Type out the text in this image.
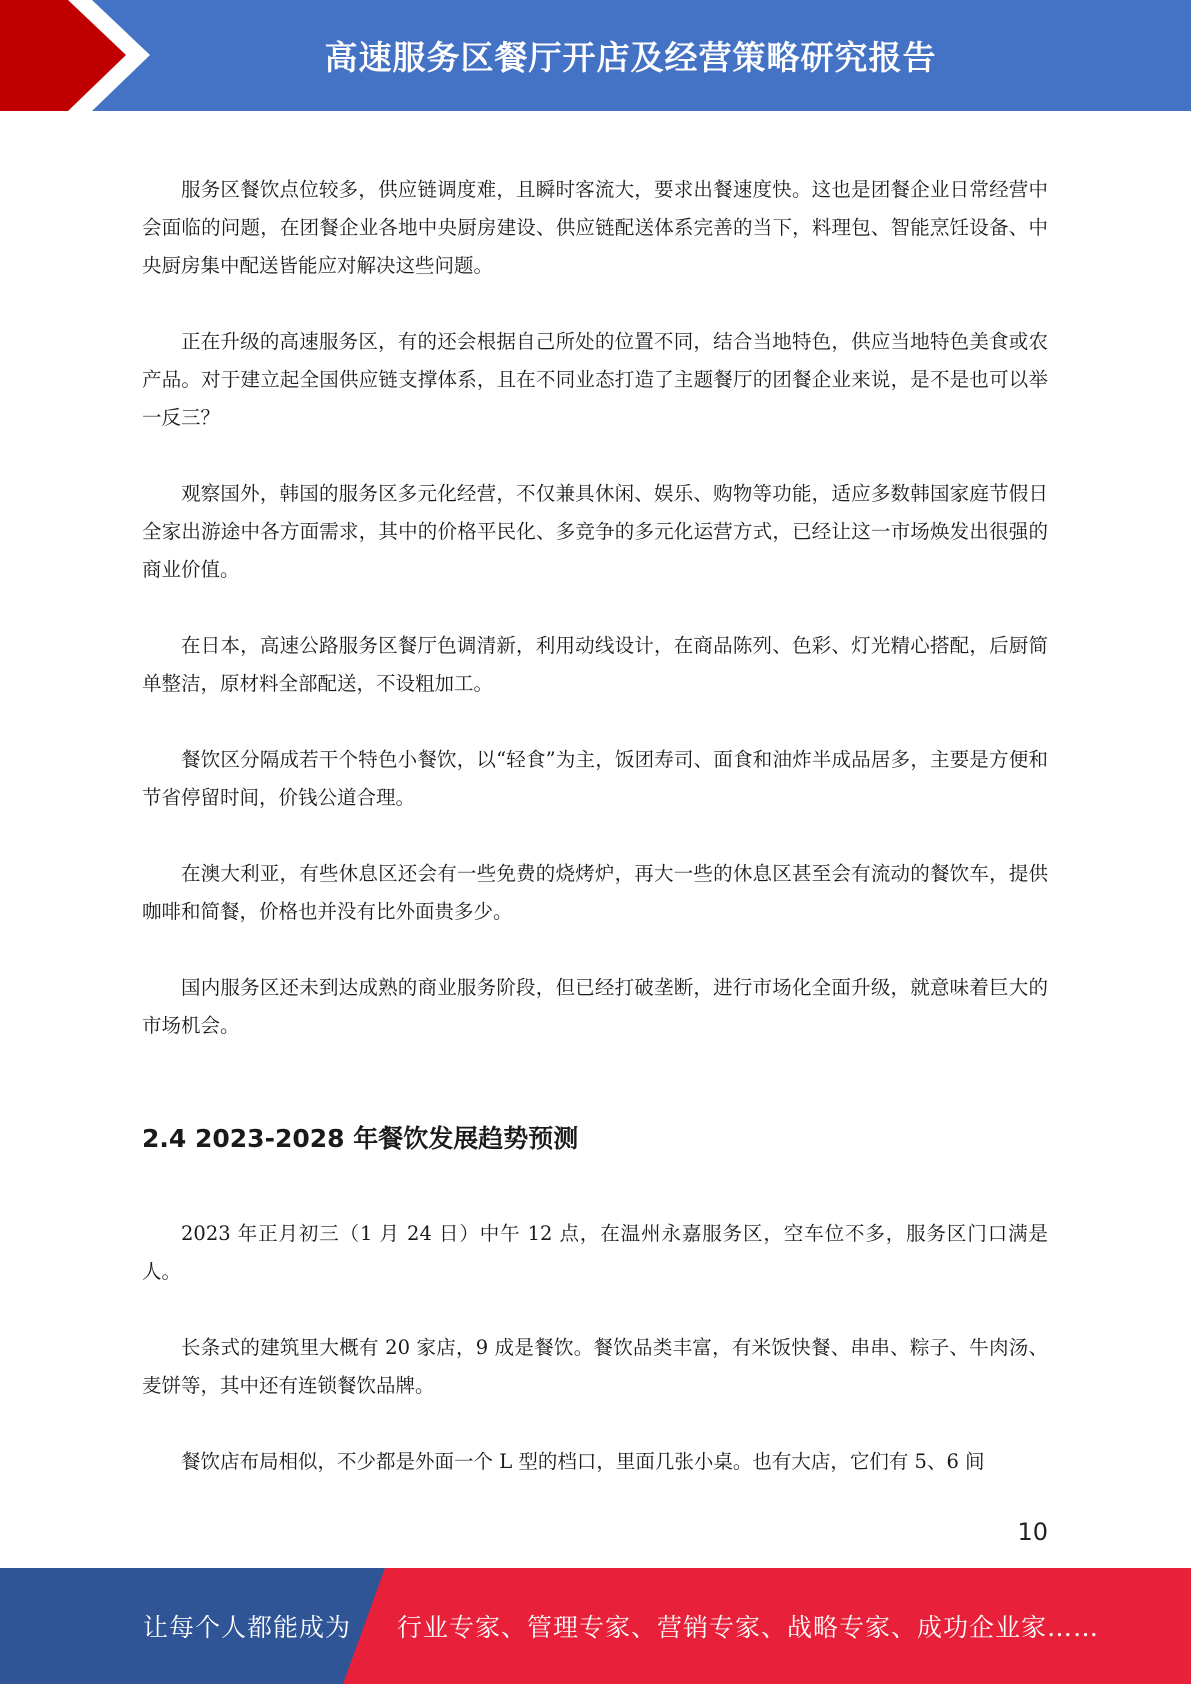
高速服务区餐厅开店及经营策略研究报告

服务区餐饮点位较多，供应链调度难，且瞬时客流大，要求出餐速度快。这也是团餐企业日常经营中会面临的问题，在团餐企业各地中央厨房建设、供应链配送体系完善的当下，料理包、智能烹饪设备、中央厨房集中配送皆能应对解决这些问题。

正在升级的高速服务区，有的还会根据自己所处的位置不同，结合当地特色，供应当地特色美食或农产品。对于建立起全国供应链支撑体系，且在不同业态打造了主题餐厅的团餐企业来说，是不是也可以举一反三？

观察国外，韩国的服务区多元化经营，不仅兼具休闲、娱乐、购物等功能，适应多数韩国家庭节假日全家出游途中各方面需求，其中的价格平民化、多竞争的多元化运营方式，已经让这一市场焕发出很强的商业价值。

在日本，高速公路服务区餐厅色调清新，利用动线设计，在商品陈列、色彩、灯光精心搭配，后厨简单整洁，原材料全部配送，不设粗加工。

餐饮区分隔成若干个特色小餐饮，以“轻食”为主，饭团寿司、面食和油炸半成品居多，主要是方便和节省停留时间，价钱公道合理。

在澳大利亚，有些休息区还会有一些免费的烧烤炉，再大一些的休息区甚至会有流动的餐饮车，提供咖啡和简餐，价格也并没有比外面贵多少。

国内服务区还未到达成熟的商业服务阶段，但已经打破垄断，进行市场化全面升级，就意味着巨大的市场机会。

2.4 2023-2028 年餐饮发展趋势预测

2023 年正月初三（1 月 24 日）中午 12 点，在温州永嘉服务区，空车位不多，服务区门口满是人。

长条式的建筑里大概有 20 家店，9 成是餐饮。餐饮品类丰富，有米饭快餐、串串、粽子、牛肉汤、麦饼等，其中还有连锁餐饮品牌。

餐饮店布局相似，不少都是外面一个 L 型的档口，里面几张小桌。也有大店，它们有 5、6 间

10
让每个人都能成为 行业专家、管理专家、营销专家、战略专家、成功企业家……
